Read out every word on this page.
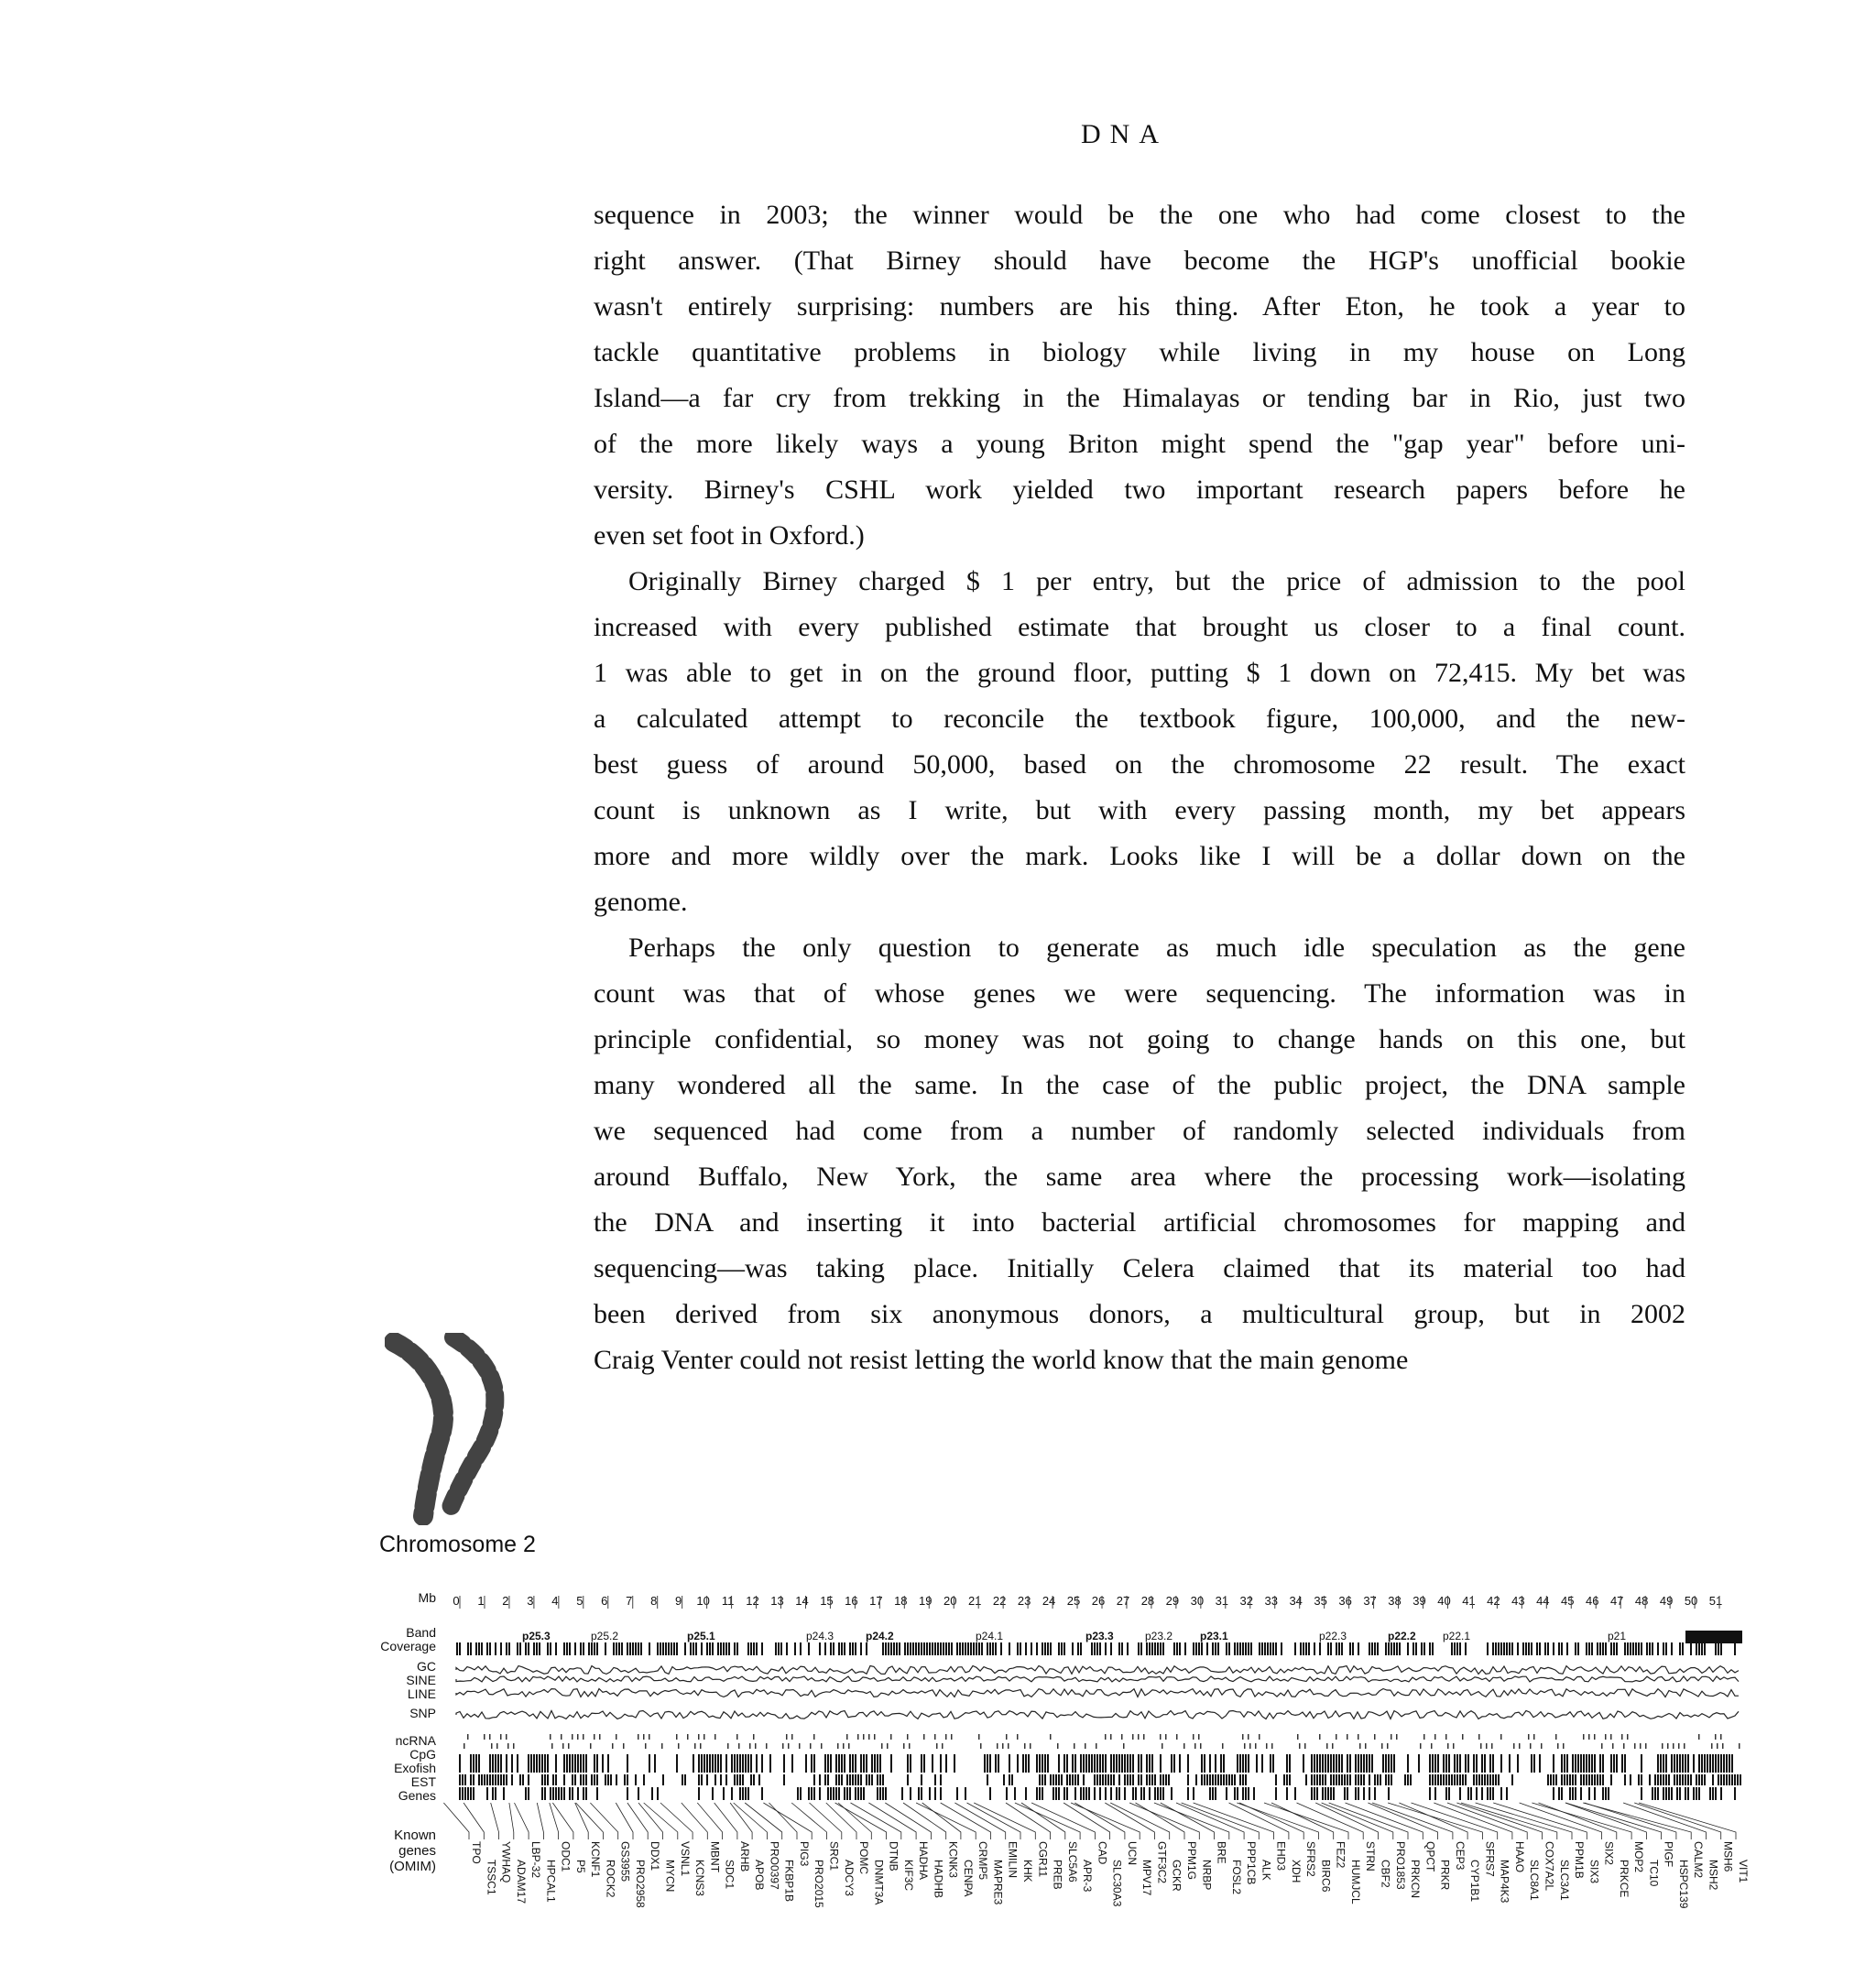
DNA
sequence in 2003; the winner would be the one who had come closest to the
right answer. (That Birney should have become the HGP's unofficial bookie
wasn't entirely surprising: numbers are his thing. After Eton, he took a year to
tackle quantitative problems in biology while living in my house on Long
Island—a far cry from trekking in the Himalayas or tending bar in Rio, just two
of the more likely ways a young Briton might spend the "gap year" before uni-
versity. Birney's CSHL work yielded two important research papers before he
even set foot in Oxford.)
Originally Birney charged $ 1 per entry, but the price of admission to the pool
increased with every published estimate that brought us closer to a final count.
1 was able to get in on the ground floor, putting $ 1 down on 72,415. My bet was
a calculated attempt to reconcile the textbook figure, 100,000, and the new-
best guess of around 50,000, based on the chromosome 22 result. The exact
count is unknown as I write, but with every passing month, my bet appears
more and more wildly over the mark. Looks like I will be a dollar down on the
genome.
Perhaps the only question to generate as much idle speculation as the gene
count was that of whose genes we were sequencing. The information was in
principle confidential, so money was not going to change hands on this one, but
many wondered all the same. In the case of the public project, the DNA sample
we sequenced had come from a number of randomly selected individuals from
around Buffalo, New York, the same area where the processing work—isolating
the DNA and inserting it into bacterial artificial chromosomes for mapping and
sequencing—was taking place. Initially Celera claimed that its material too had
been derived from six anonymous donors, a multicultural group, but in 2002
Craig Venter could not resist letting the world know that the main genome
Chromosome 2
Mb
Band
Coverage
GC
SINE
LINE
SNP
ncRNA
CpG
Exofish
EST
Genes
Known
genes
(OMIM)
0 1 2 3 4 5 6 7 8 9 10 11 12 13 14 15 16 17 18 19 20 21 22 23 24 25 26 27 28 29 30 31 32 33 34 35 36 37 38 39 40 41 42 43 44 45 46 47 48 49 50 51
p25.3	p25.2	p25.1	p24.3	p24.2	p24.1	p23.3	p23.2 p23.1	p22.3	p22.2 p22.1	p21
TPO
TSSC1 YWHAQ ADAM17
LBP-32 HPCAL1
ODC1 P5 KCNF1
ROCK2 GS3955 PRO2958
DDX1
MYCN VSNL1
KCNS3
MBNT
SDC1
ARHB
APOB PRO0397 FKBP1B
PIG3
PRO2015
SRC1
ADCY3
POMC
DNMT3A
DTNB
KIF3C HADHA HADHB
KCNK3
CENPA CRMP5 MAPRE3 EMILIN KHK CGR11 PREB SLC5A6 APR-3
CAD
SLC30A3
UCN
MPV17 GTF3C2 GCKR PPM1G NRBP
BRE
FOSL2 PPP1CB ALK EHD3
XDH SFRS2 BIRC6
FEZ2
HUMJCL
STRN
CBF2 PRO1853 PRKCN
QPCT
PRKR
CEP3
CYP1B1
SFRS7
MAP4K3
HAAO
SLC8A1 COX7A2L SLC3A1 PPM1B SIX3
SIX2
PRKCE
MOP2
TC10
PIGF
HSPC139
CALM2 MSH2
MSH6 VIT1
